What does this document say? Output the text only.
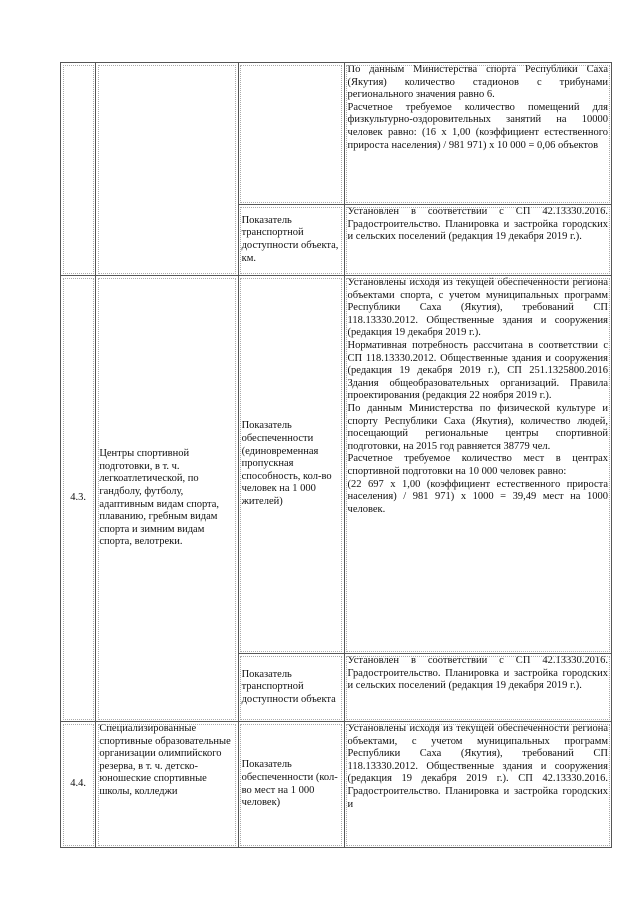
			По данным Министерства спорта Республики Саха (Якутия) количество стадионов с трибунами регионального значения равно 6.
Расчетное требуемое количество помещений для физкультурно-оздоровительных занятий на 10000 человек равно: (16 х 1,00 (коэффициент естественного прироста населения) / 981 971) х 10 000 = 0,06 объектов

		Показатель транспортной доступности объекта, км.	Установлен в соответствии с СП 42.13330.2016. Градостроительство. Планировка и застройка городских и сельских поселений (редакция 19 декабря 2019 г.).

4.3.	Центры спортивной подготовки, в т. ч. легкоатлетической, по гандболу, футболу, адаптивным видам спорта, плаванию, гребным видам спорта и зимним видам спорта, велотреки.	Показатель обеспеченности (единовременная пропускная способность, кол-во человек на 1 000 жителей)	Установлены исходя из текущей обеспеченности региона объектами спорта, с учетом муниципальных программ Республики Саха (Якутия), требований СП 118.13330.2012. Общественные здания и сооружения (редакция 19 декабря 2019 г.).
Нормативная потребность рассчитана в соответствии с СП 118.13330.2012. Общественные здания и сооружения (редакция 19 декабря 2019 г.), СП 251.1325800.2016 Здания общеобразовательных организаций. Правила проектирования (редакция 22 ноября 2019 г.).
По данным Министерства по физической культуре и спорту Республики Саха (Якутия), количество людей, посещающий региональные центры спортивной подготовки, на 2015 год равняется 38779 чел.
Расчетное требуемое количество мест в центрах спортивной подготовки на 10 000 человек равно:
(22 697 х 1,00 (коэффициент естественного прироста населения) / 981 971) х 1000 = 39,49 мест на 1000 человек.

		Показатель транспортной доступности объекта	Установлен в соответствии с СП 42.13330.2016. Градостроительство. Планировка и застройка городских и сельских поселений (редакция 19 декабря 2019 г.).

4.4.	Специализированные спортивные образовательные организации олимпийского резерва, в т. ч. детско-юношеские спортивные школы, колледжи	Показатель обеспеченности (кол-во мест на 1 000 человек)	Установлены исходя из текущей обеспеченности региона объектами, с учетом муниципальных программ Республики Саха (Якутия), требований СП 118.13330.2012. Общественные здания и сооружения (редакция 19 декабря 2019 г.). СП 42.13330.2016. Градостроительство. Планировка и застройка городских и
